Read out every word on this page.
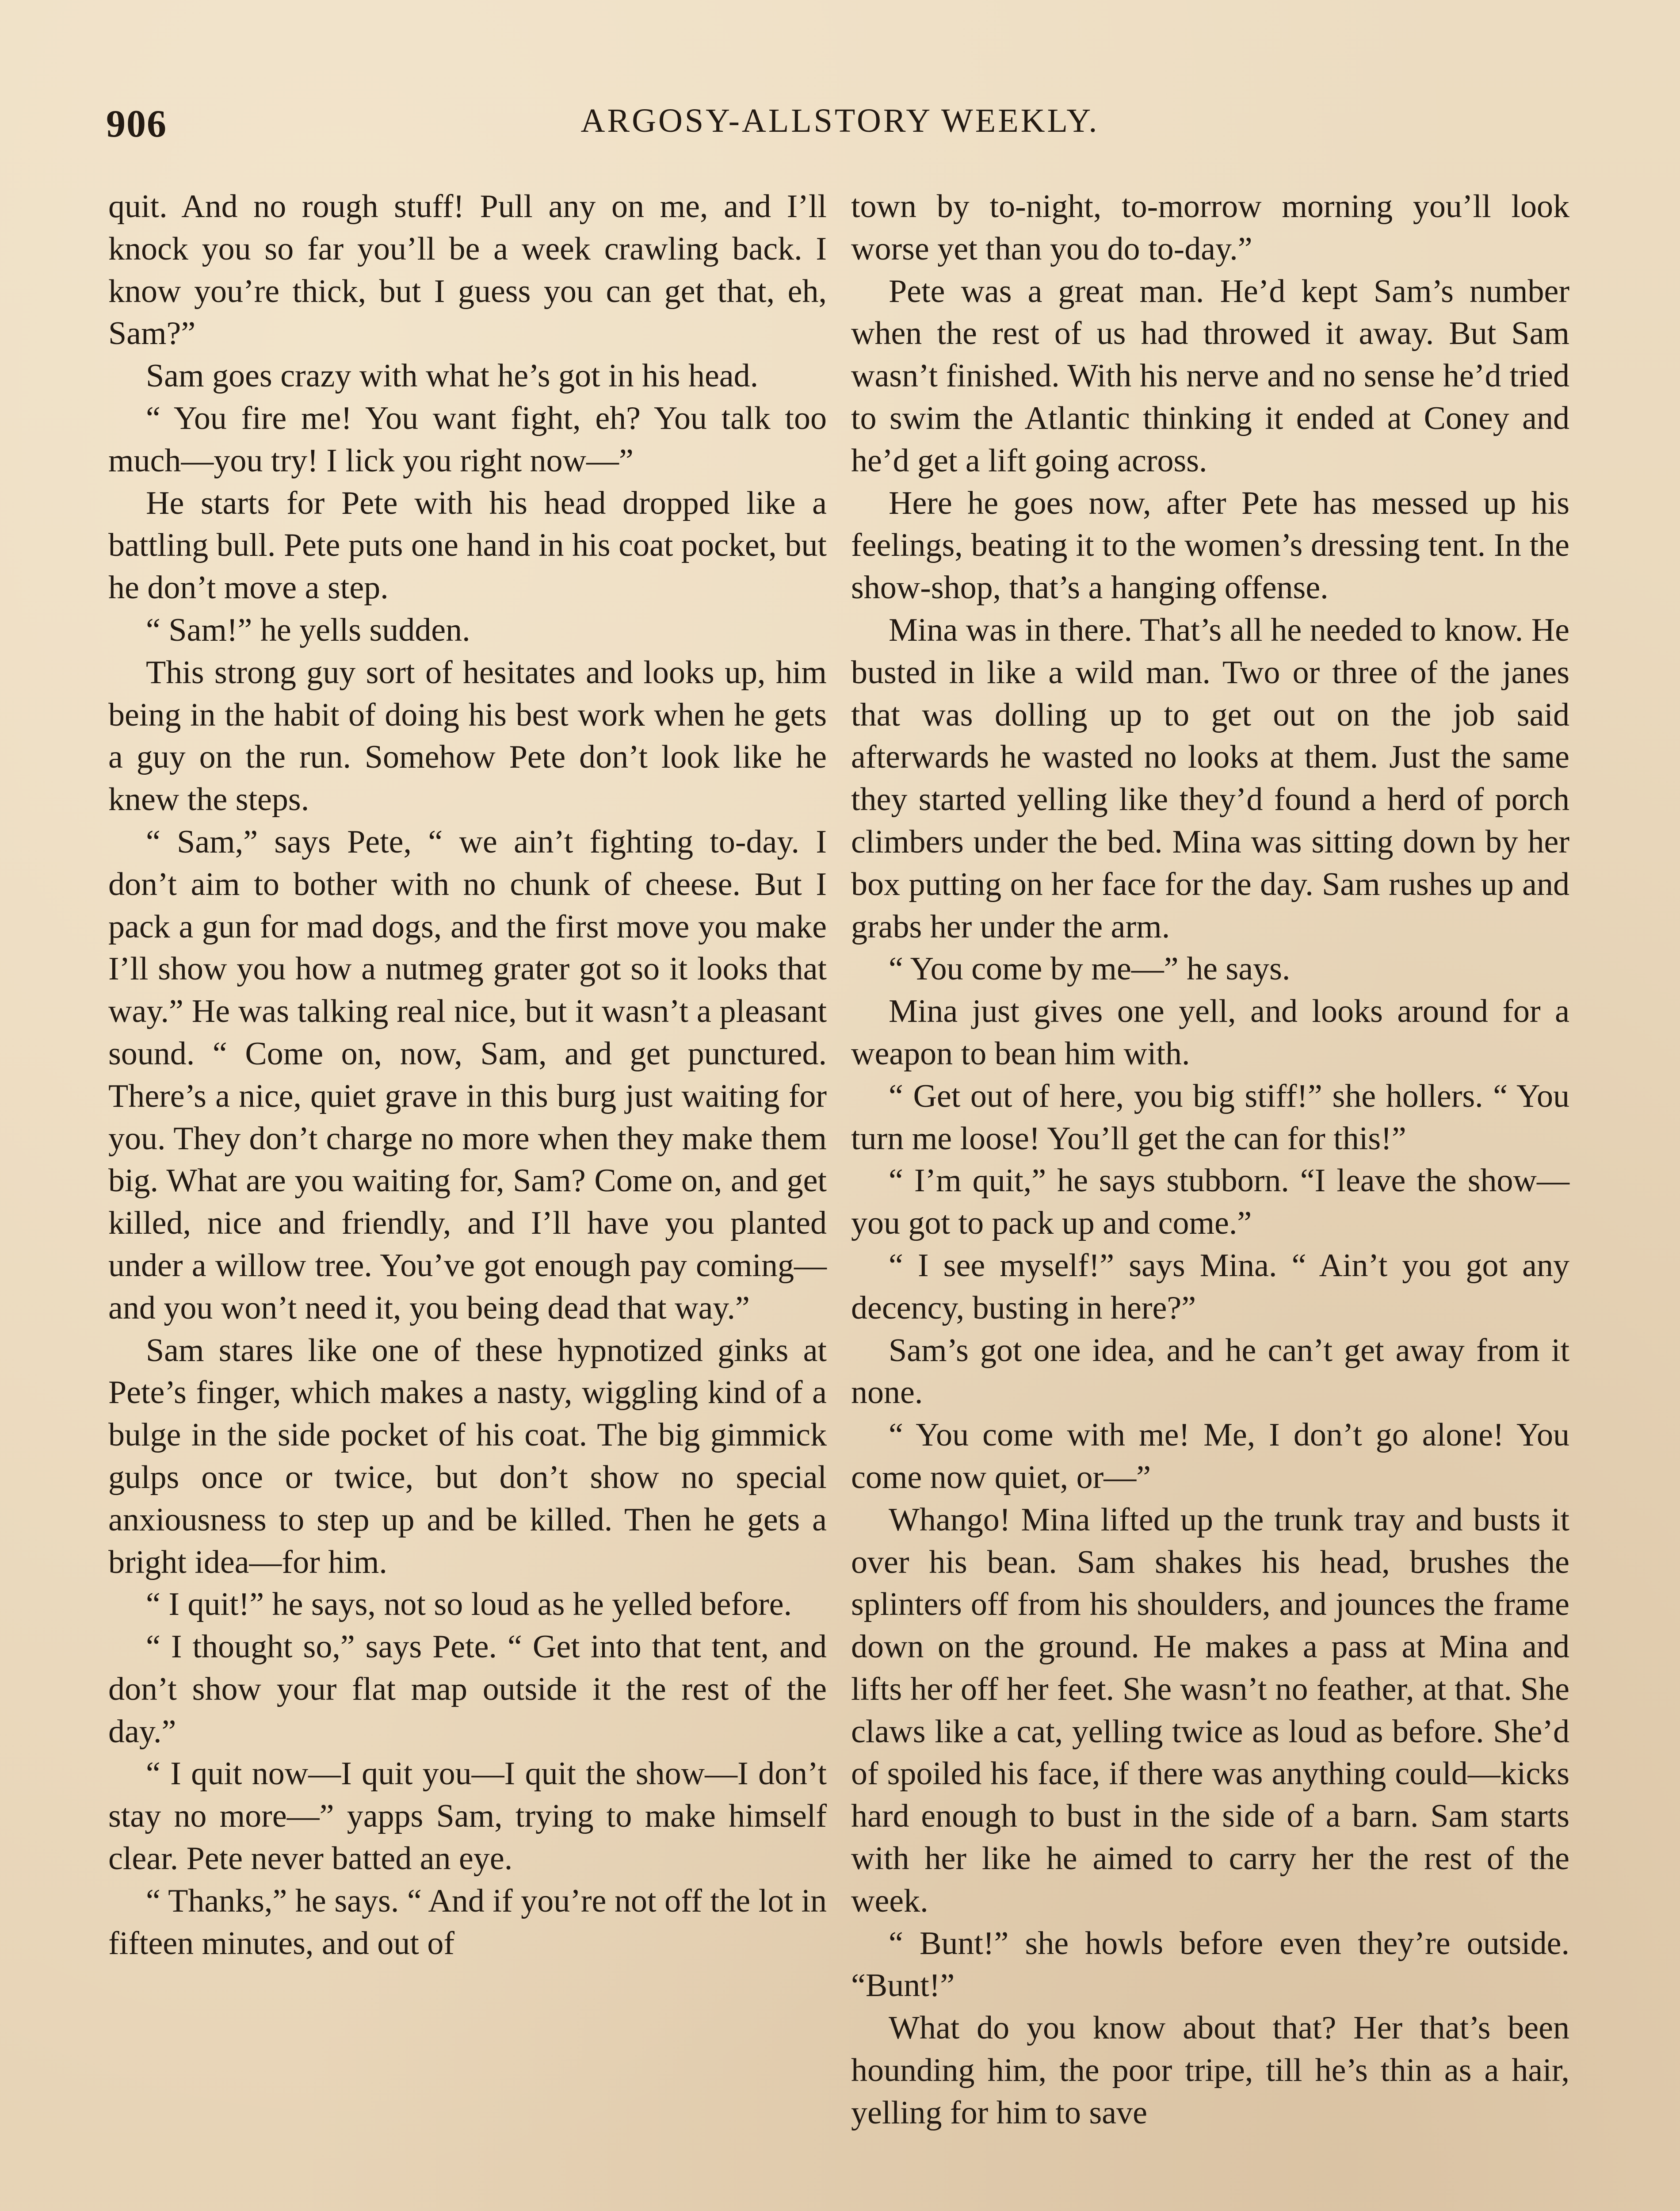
906	ARGOSY-ALLSTORY WEEKLY.

quit. And no rough stuff! Pull any on me, and I’ll knock you so far you’ll be a week crawling back. I know you’re thick, but I guess you can get that, eh, Sam?”

Sam goes crazy with what he’s got in his head.

“ You fire me! You want fight, eh? You talk too much—you try! I lick you right now—”

He starts for Pete with his head dropped like a battling bull. Pete puts one hand in his coat pocket, but he don’t move a step.

“ Sam!” he yells sudden.

This strong guy sort of hesitates and looks up, him being in the habit of doing his best work when he gets a guy on the run. Somehow Pete don’t look like he knew the steps.

“ Sam,” says Pete, “ we ain’t fighting to-day. I don’t aim to bother with no chunk of cheese. But I pack a gun for mad dogs, and the first move you make I’ll show you how a nutmeg grater got so it looks that way.” He was talking real nice, but it wasn’t a pleasant sound. “ Come on, now, Sam, and get punctured. There’s a nice, quiet grave in this burg just waiting for you. They don’t charge no more when they make them big. What are you waiting for, Sam? Come on, and get killed, nice and friendly, and I’ll have you planted under a willow tree. You’ve got enough pay coming—and you won’t need it, you being dead that way.”

Sam stares like one of these hypnotized ginks at Pete’s finger, which makes a nasty, wiggling kind of a bulge in the side pocket of his coat. The big gimmick gulps once or twice, but don’t show no special anxiousness to step up and be killed. Then he gets a bright idea—for him.

“ I quit!” he says, not so loud as he yelled before.

“ I thought so,” says Pete. “ Get into that tent, and don’t show your flat map outside it the rest of the day.”

“ I quit now—I quit you—I quit the show—I don’t stay no more—” yapps Sam, trying to make himself clear. Pete never batted an eye.

“ Thanks,” he says. “ And if you’re not off the lot in fifteen minutes, and out of

town by to-night, to-morrow morning you’ll look worse yet than you do to-day.”

Pete was a great man. He’d kept Sam’s number when the rest of us had throwed it away. But Sam wasn’t finished. With his nerve and no sense he’d tried to swim the Atlantic thinking it ended at Coney and he’d get a lift going across.

Here he goes now, after Pete has messed up his feelings, beating it to the women’s dressing tent. In the show-shop, that’s a hanging offense.

Mina was in there. That’s all he needed to know. He busted in like a wild man. Two or three of the janes that was dolling up to get out on the job said afterwards he wasted no looks at them. Just the same they started yelling like they’d found a herd of porch climbers under the bed. Mina was sitting down by her box putting on her face for the day. Sam rushes up and grabs her under the arm.

“ You come by me—” he says.

Mina just gives one yell, and looks around for a weapon to bean him with.

“ Get out of here, you big stiff!” she hollers. “ You turn me loose! You’ll get the can for this!”

“ I’m quit,” he says stubborn. “I leave the show—you got to pack up and come.”

“ I see myself!” says Mina. “ Ain’t you got any decency, busting in here?”

Sam’s got one idea, and he can’t get away from it none.

“ You come with me! Me, I don’t go alone! You come now quiet, or—”

Whango! Mina lifted up the trunk tray and busts it over his bean. Sam shakes his head, brushes the splinters off from his shoulders, and jounces the frame down on the ground. He makes a pass at Mina and lifts her off her feet. She wasn’t no feather, at that. She claws like a cat, yelling twice as loud as before. She’d of spoiled his face, if there was anything could—kicks hard enough to bust in the side of a barn. Sam starts with her like he aimed to carry her the rest of the week.

“ Bunt!” she howls before even they’re outside. “Bunt!”

What do you know about that? Her that’s been hounding him, the poor tripe, till he’s thin as a hair, yelling for him to save
